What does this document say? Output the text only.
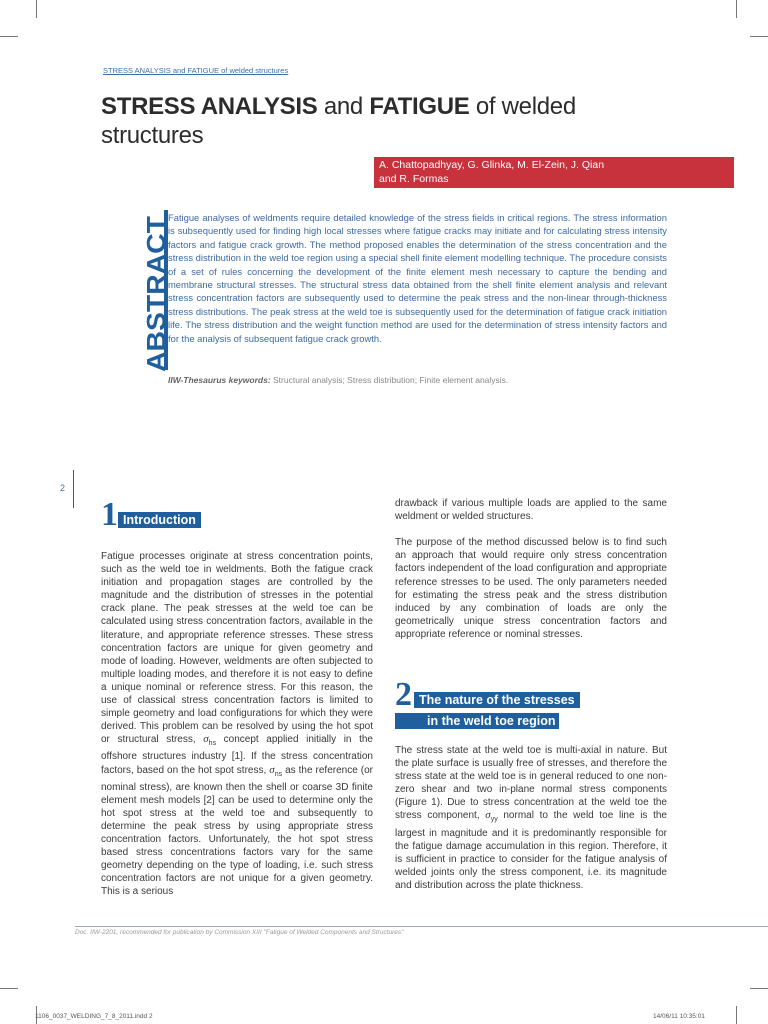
STRESS ANALYSIS and FATIGUE of welded structures
STRESS ANALYSIS and FATIGUE of welded
structures
A. Chattopadhyay, G. Glinka, M. El-Zein, J. Qian
and R. Formas
ABSTRACT
Fatigue analyses of weldments require detailed knowledge of the stress fields in critical regions. The stress information is subsequently used for finding high local stresses where fatigue cracks may initiate and for calculating stress intensity factors and fatigue crack growth. The method proposed enables the determination of the stress concentration and the stress distribution in the weld toe region using a special shell finite element modelling technique. The procedure consists of a set of rules concerning the development of the finite element mesh necessary to capture the bending and membrane structural stresses. The structural stress data obtained from the shell finite element analysis and relevant stress concentration factors are subsequently used to determine the peak stress and the non-linear through-thickness stress distributions. The peak stress at the weld toe is subsequently used for the determination of fatigue crack initiation life. The stress distribution and the weight function method are used for the determination of stress intensity factors and for the analysis of subsequent fatigue crack growth.
IIW-Thesaurus keywords: Structural analysis; Stress distribution; Finite element analysis.
2
1 Introduction

Fatigue processes originate at stress concentration points, such as the weld toe in weldments. Both the fatigue crack initiation and propagation stages are controlled by the magnitude and the distribution of stresses in the potential crack plane. The peak stresses at the weld toe can be calculated using stress concentration factors, available in the literature, and appropriate reference stresses. These stress concentration factors are unique for given geometry and mode of loading. However, weldments are often subjected to multiple loading modes, and therefore it is not easy to define a unique nominal or reference stress. For this reason, the use of classical stress concentration factors is limited to simple geometry and load configurations for which they were derived. This problem can be resolved by using the hot spot or structural stress, $\sigma_{hs}$ concept applied initially in the offshore structures industry [1]. If the stress concentration factors, based on the hot spot stress, $\sigma_{ns}$ as the reference (or nominal stress), are known then the shell or coarse 3D finite element mesh models [2] can be used to determine only the hot spot stress at the weld toe and subsequently to determine the peak stress by using appropriate stress concentration factors. Unfortunately, the hot spot stress based stress concentrations factors vary for the same geometry depending on the type of loading, i.e. such stress concentration factors are not unique for a given geometry. This is a serious

drawback if various multiple loads are applied to the same weldment or welded structures.

The purpose of the method discussed below is to find such an approach that would require only stress concentration factors independent of the load configuration and appropriate reference stresses to be used. The only parameters needed for estimating the stress peak and the stress distribution induced by any combination of loads are only the geometrically unique stress concentration factors and appropriate reference or nominal stresses.

2 The nature of the stresses
in the weld toe region

The stress state at the weld toe is multi-axial in nature. But the plate surface is usually free of stresses, and therefore the stress state at the weld toe is in general reduced to one non-zero shear and two in-plane normal stress components (Figure 1). Due to stress concentration at the weld toe the stress component, $\sigma_{yy}$ normal to the weld toe line is the largest in magnitude and it is predominantly responsible for the fatigue damage accumulation in this region. Therefore, it is sufficient in practice to consider for the fatigue analysis of welded joints only the stress component, i.e. its magnitude and distribution across the plate thickness.

Doc. IIW-2201, recommended for publication by Commission XIII "Fatigue of Welded Components and Structures"
1106_0037_WELDING_7_8_2011.indd 2	14/06/11 10:35:01
